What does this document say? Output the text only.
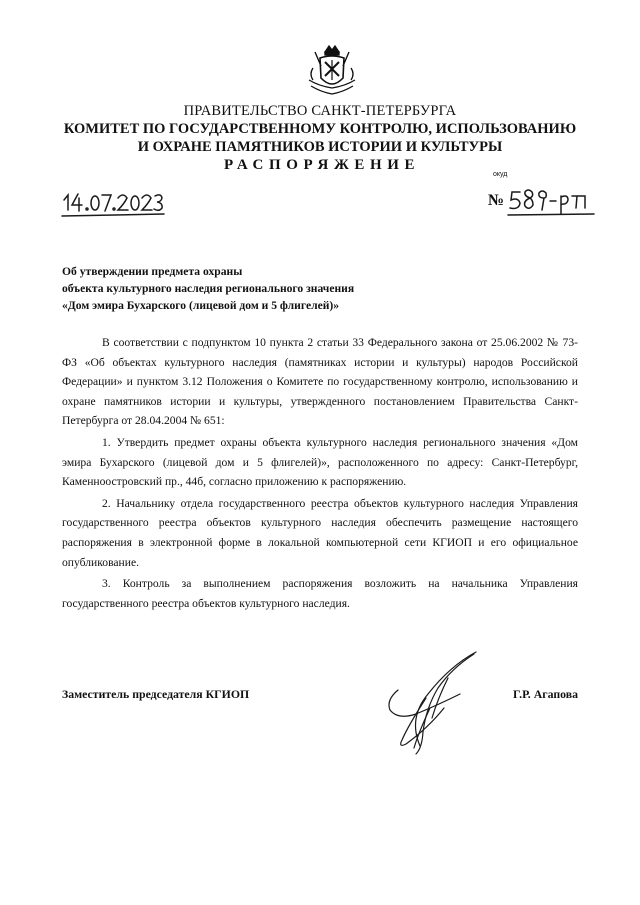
ПРАВИТЕЛЬСТВО САНКТ-ПЕТЕРБУРГА
КОМИТЕТ ПО ГОСУДАРСТВЕННОМУ КОНТРОЛЮ, ИСПОЛЬЗОВАНИЮ
И ОХРАНЕ ПАМЯТНИКОВ ИСТОРИИ И КУЛЬТУРЫ
РАСПОРЯЖЕНИЕ
окуд
№
Об утверждении предмета охраны
объекта культурного наследия регионального значения
«Дом эмира Бухарского (лицевой дом и 5 флигелей)»

В соответствии с подпунктом 10 пункта 2 статьи 33 Федерального закона от 25.06.2002 № 73-ФЗ «Об объектах культурного наследия (памятниках истории и культуры) народов Российской Федерации» и пунктом 3.12 Положения о Комитете по государственному контролю, использованию и охране памятников истории и культуры, утвержденного постановлением Правительства Санкт-Петербурга от 28.04.2004 № 651:

1. Утвердить предмет охраны объекта культурного наследия регионального значения «Дом эмира Бухарского (лицевой дом и 5 флигелей)», расположенного по адресу: Санкт-Петербург, Каменноостровский пр., 44б, согласно приложению к распоряжению.

2. Начальнику отдела государственного реестра объектов культурного наследия Управления государственного реестра объектов культурного наследия обеспечить размещение настоящего распоряжения в электронной форме в локальной компьютерной сети КГИОП и его официальное опубликование.

3. Контроль за выполнением распоряжения возложить на начальника Управления государственного реестра объектов культурного наследия.

Заместитель председателя КГИОП	Г.Р. Агапова
